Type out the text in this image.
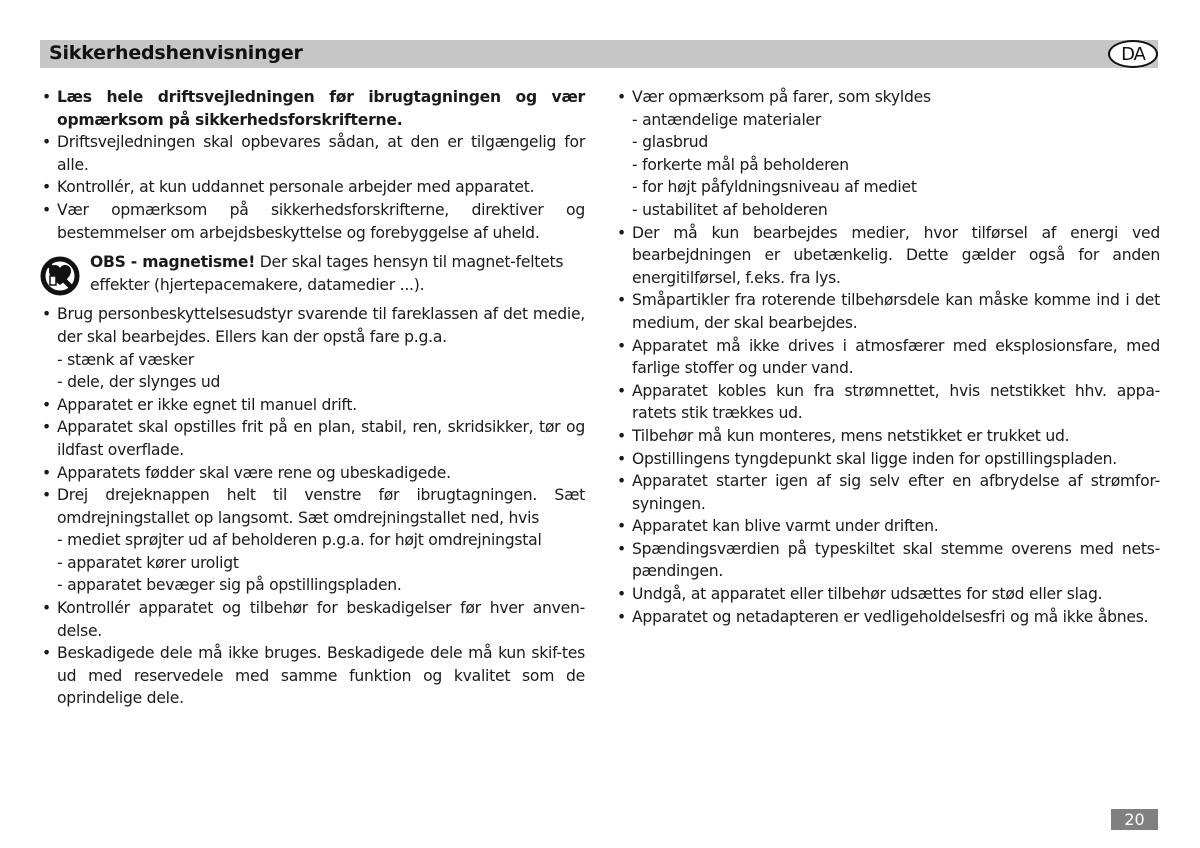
Sikkerhedshenvisninger	DA
• Læs hele driftsvejledningen før ibrugtagningen og vær opmærksom på sikkerhedsforskrifterne.
• Driftsvejledningen skal opbevares sådan, at den er tilgængelig for alle.
• Kontrollér, at kun uddannet personale arbejder med apparatet.
• Vær opmærksom på sikkerhedsforskrifterne, direktiver og bestemmelser om arbejdsbeskyttelse og forebyggelse af uheld.
OBS - magnetisme! Der skal tages hensyn til magnet-feltets effekter (hjertepacemakere, datamedier ...).
• Brug personbeskyttelsesudstyr svarende til fareklassen af det medie, der skal bearbejdes. Ellers kan der opstå fare p.g.a.
- stænk af væsker
- dele, der slynges ud
• Apparatet er ikke egnet til manuel drift.
• Apparatet skal opstilles frit på en plan, stabil, ren, skridsikker, tør og ildfast overflade.
• Apparatets fødder skal være rene og ubeskadigede.
• Drej drejeknappen helt til venstre før ibrugtagningen. Sæt omdrejningstallet op langsomt. Sæt omdrejningstallet ned, hvis
- mediet sprøjter ud af beholderen p.g.a. for højt omdrejningstal
- apparatet kører uroligt
- apparatet bevæger sig på opstillingspladen.
• Kontrollér apparatet og tilbehør for beskadigelser før hver anven-delse.
• Beskadigede dele må ikke bruges. Beskadigede dele må kun skif-tes ud med reservedele med samme funktion og kvalitet som de oprindelige dele.
• Vær opmærksom på farer, som skyldes
- antændelige materialer
- glasbrud
- forkerte mål på beholderen
- for højt påfyldningsniveau af mediet
- ustabilitet af beholderen
• Der må kun bearbejdes medier, hvor tilførsel af energi ved bearbejdningen er ubetænkelig. Dette gælder også for anden energitilførsel, f.eks. fra lys.
• Småpartikler fra roterende tilbehørsdele kan måske komme ind i det medium, der skal bearbejdes.
• Apparatet må ikke drives i atmosfærer med eksplosionsfare, med farlige stoffer og under vand.
• Apparatet kobles kun fra strømnettet, hvis netstikket hhv. appa-ratets stik trækkes ud.
• Tilbehør må kun monteres, mens netstikket er trukket ud.
• Opstillingens tyngdepunkt skal ligge inden for opstillingspladen.
• Apparatet starter igen af sig selv efter en afbrydelse af strømfor-syningen.
• Apparatet kan blive varmt under driften.
• Spændingsværdien på typeskiltet skal stemme overens med nets-pændingen.
• Undgå, at apparatet eller tilbehør udsættes for stød eller slag.
• Apparatet og netadapteren er vedligeholdelsesfri og må ikke åbnes.
20
